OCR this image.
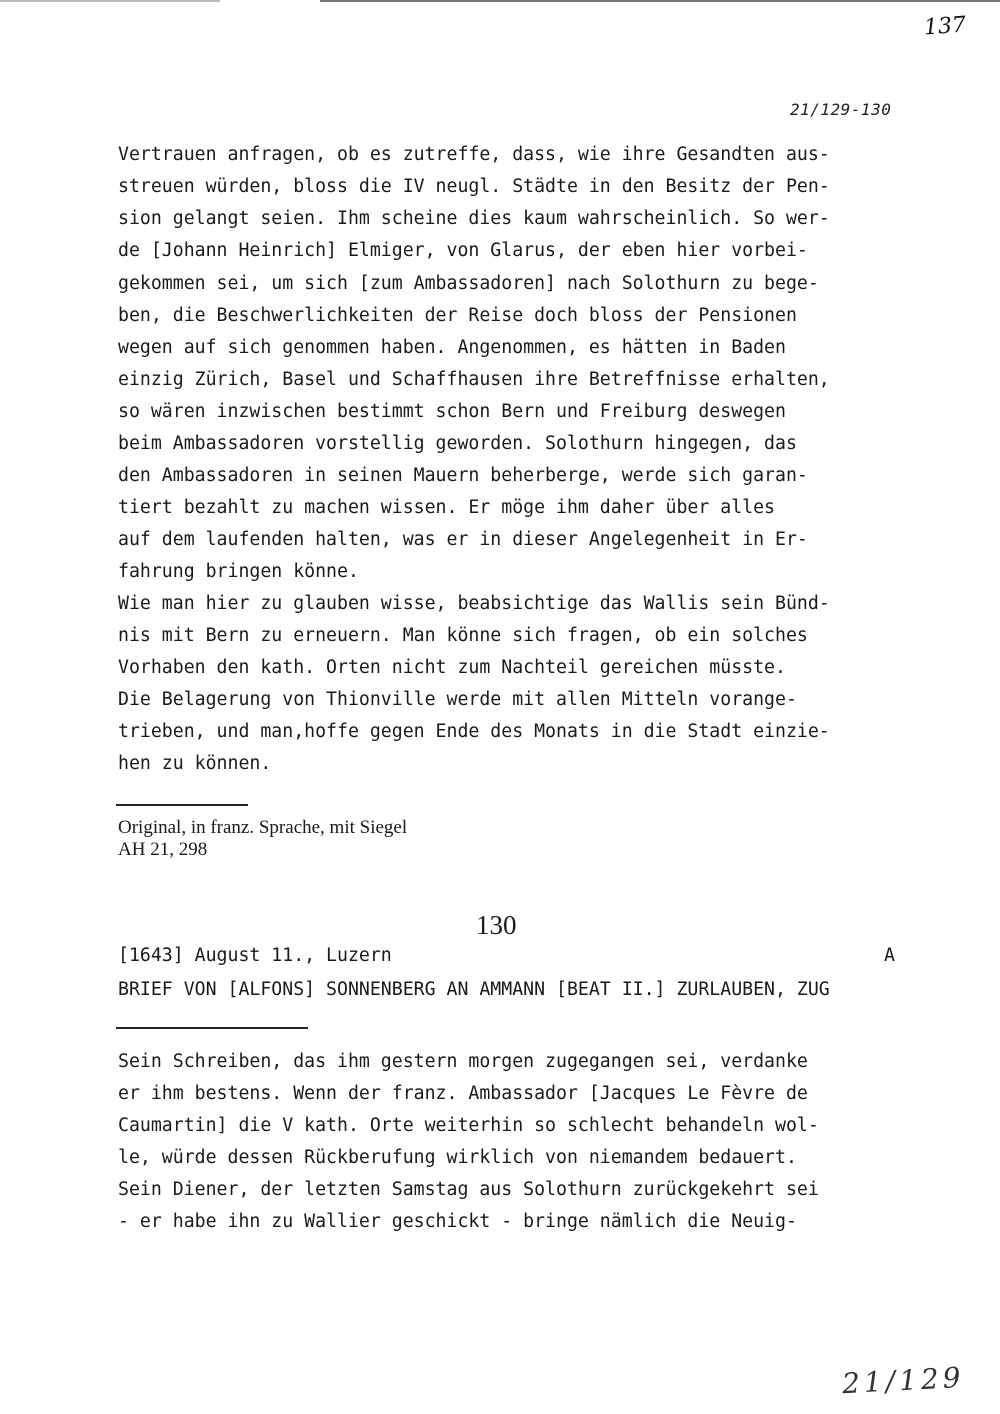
137
21/129-130
Vertrauen anfragen, ob es zutreffe, dass, wie ihre Gesandten aus-
streuen würden, bloss die IV neugl. Städte in den Besitz der Pen-
sion gelangt seien. Ihm scheine dies kaum wahrscheinlich. So wer-
de [Johann Heinrich] Elmiger, von Glarus, der eben hier vorbei-
gekommen sei, um sich [zum Ambassadoren] nach Solothurn zu bege-
ben, die Beschwerlichkeiten der Reise doch bloss der Pensionen
wegen auf sich genommen haben. Angenommen, es hätten in Baden
einzig Zürich, Basel und Schaffhausen ihre Betreffnisse erhalten,
so wären inzwischen bestimmt schon Bern und Freiburg deswegen
beim Ambassadoren vorstellig geworden. Solothurn hingegen, das
den Ambassadoren in seinen Mauern beherberge, werde sich garan-
tiert bezahlt zu machen wissen. Er möge ihm daher über alles
auf dem laufenden halten, was er in dieser Angelegenheit in Er-
fahrung bringen könne.
Wie man hier zu glauben wisse, beabsichtige das Wallis sein Bünd-
nis mit Bern zu erneuern. Man könne sich fragen, ob ein solches
Vorhaben den kath. Orten nicht zum Nachteil gereichen müsste.
Die Belagerung von Thionville werde mit allen Mitteln vorange-
trieben, und man,hoffe gegen Ende des Monats in die Stadt einzie-
hen zu können.
Original, in franz. Sprache, mit Siegel
AH 21, 298
130
[1643] August 11., Luzern	A
BRIEF VON [ALFONS] SONNENBERG AN AMMANN [BEAT II.] ZURLAUBEN, ZUG
Sein Schreiben, das ihm gestern morgen zugegangen sei, verdanke
er ihm bestens. Wenn der franz. Ambassador [Jacques Le Fèvre de
Caumartin] die V kath. Orte weiterhin so schlecht behandeln wol-
le, würde dessen Rückberufung wirklich von niemandem bedauert.
Sein Diener, der letzten Samstag aus Solothurn zurückgekehrt sei
- er habe ihn zu Wallier geschickt - bringe nämlich die Neuig-
21/129
